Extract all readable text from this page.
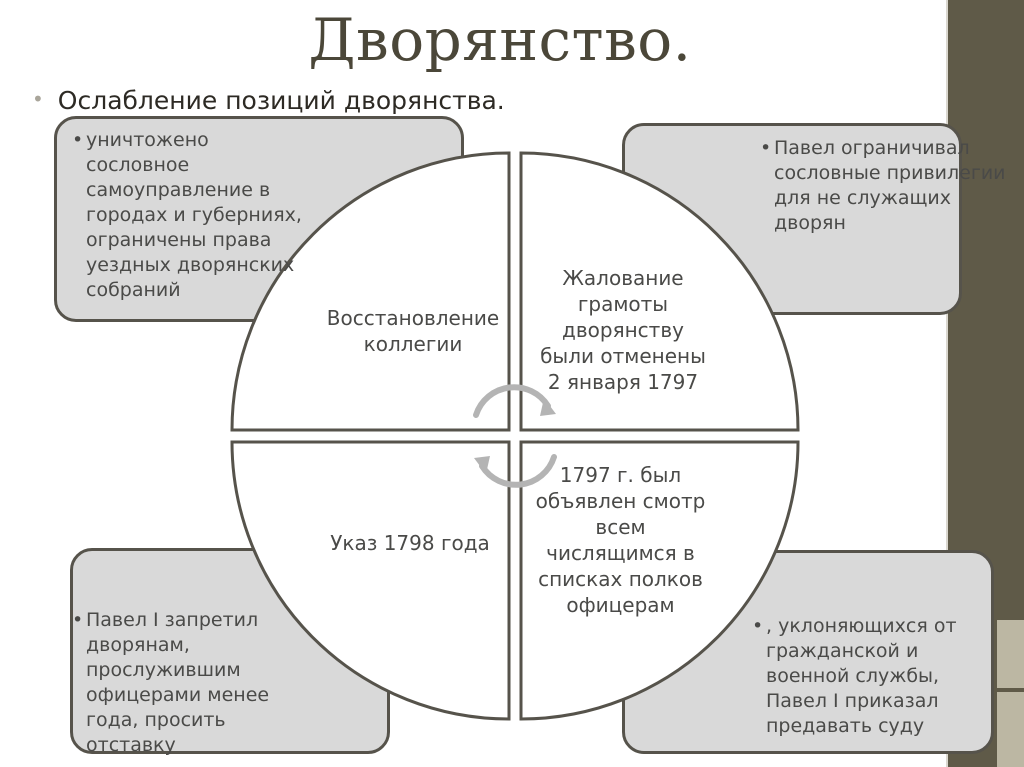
Дворянство.
• Ослабление позиций дворянства.
• уничтожено сословное самоуправление в городах и губерниях, ограничены права уездных дворянских собраний
• Павел ограничивал сословные привилегии для не служащих дворян
• Павел I запретил дворянам, прослужившим офицерами менее года, просить отставку
• , уклоняющихся от гражданской и военной службы, Павел I приказал предавать суду
Восстановление коллегии
Жалование грамоты дворянству были отменены 2 января 1797
Указ 1798 года
1797 г. был объявлен смотр всем числящимся в списках полков офицерам
